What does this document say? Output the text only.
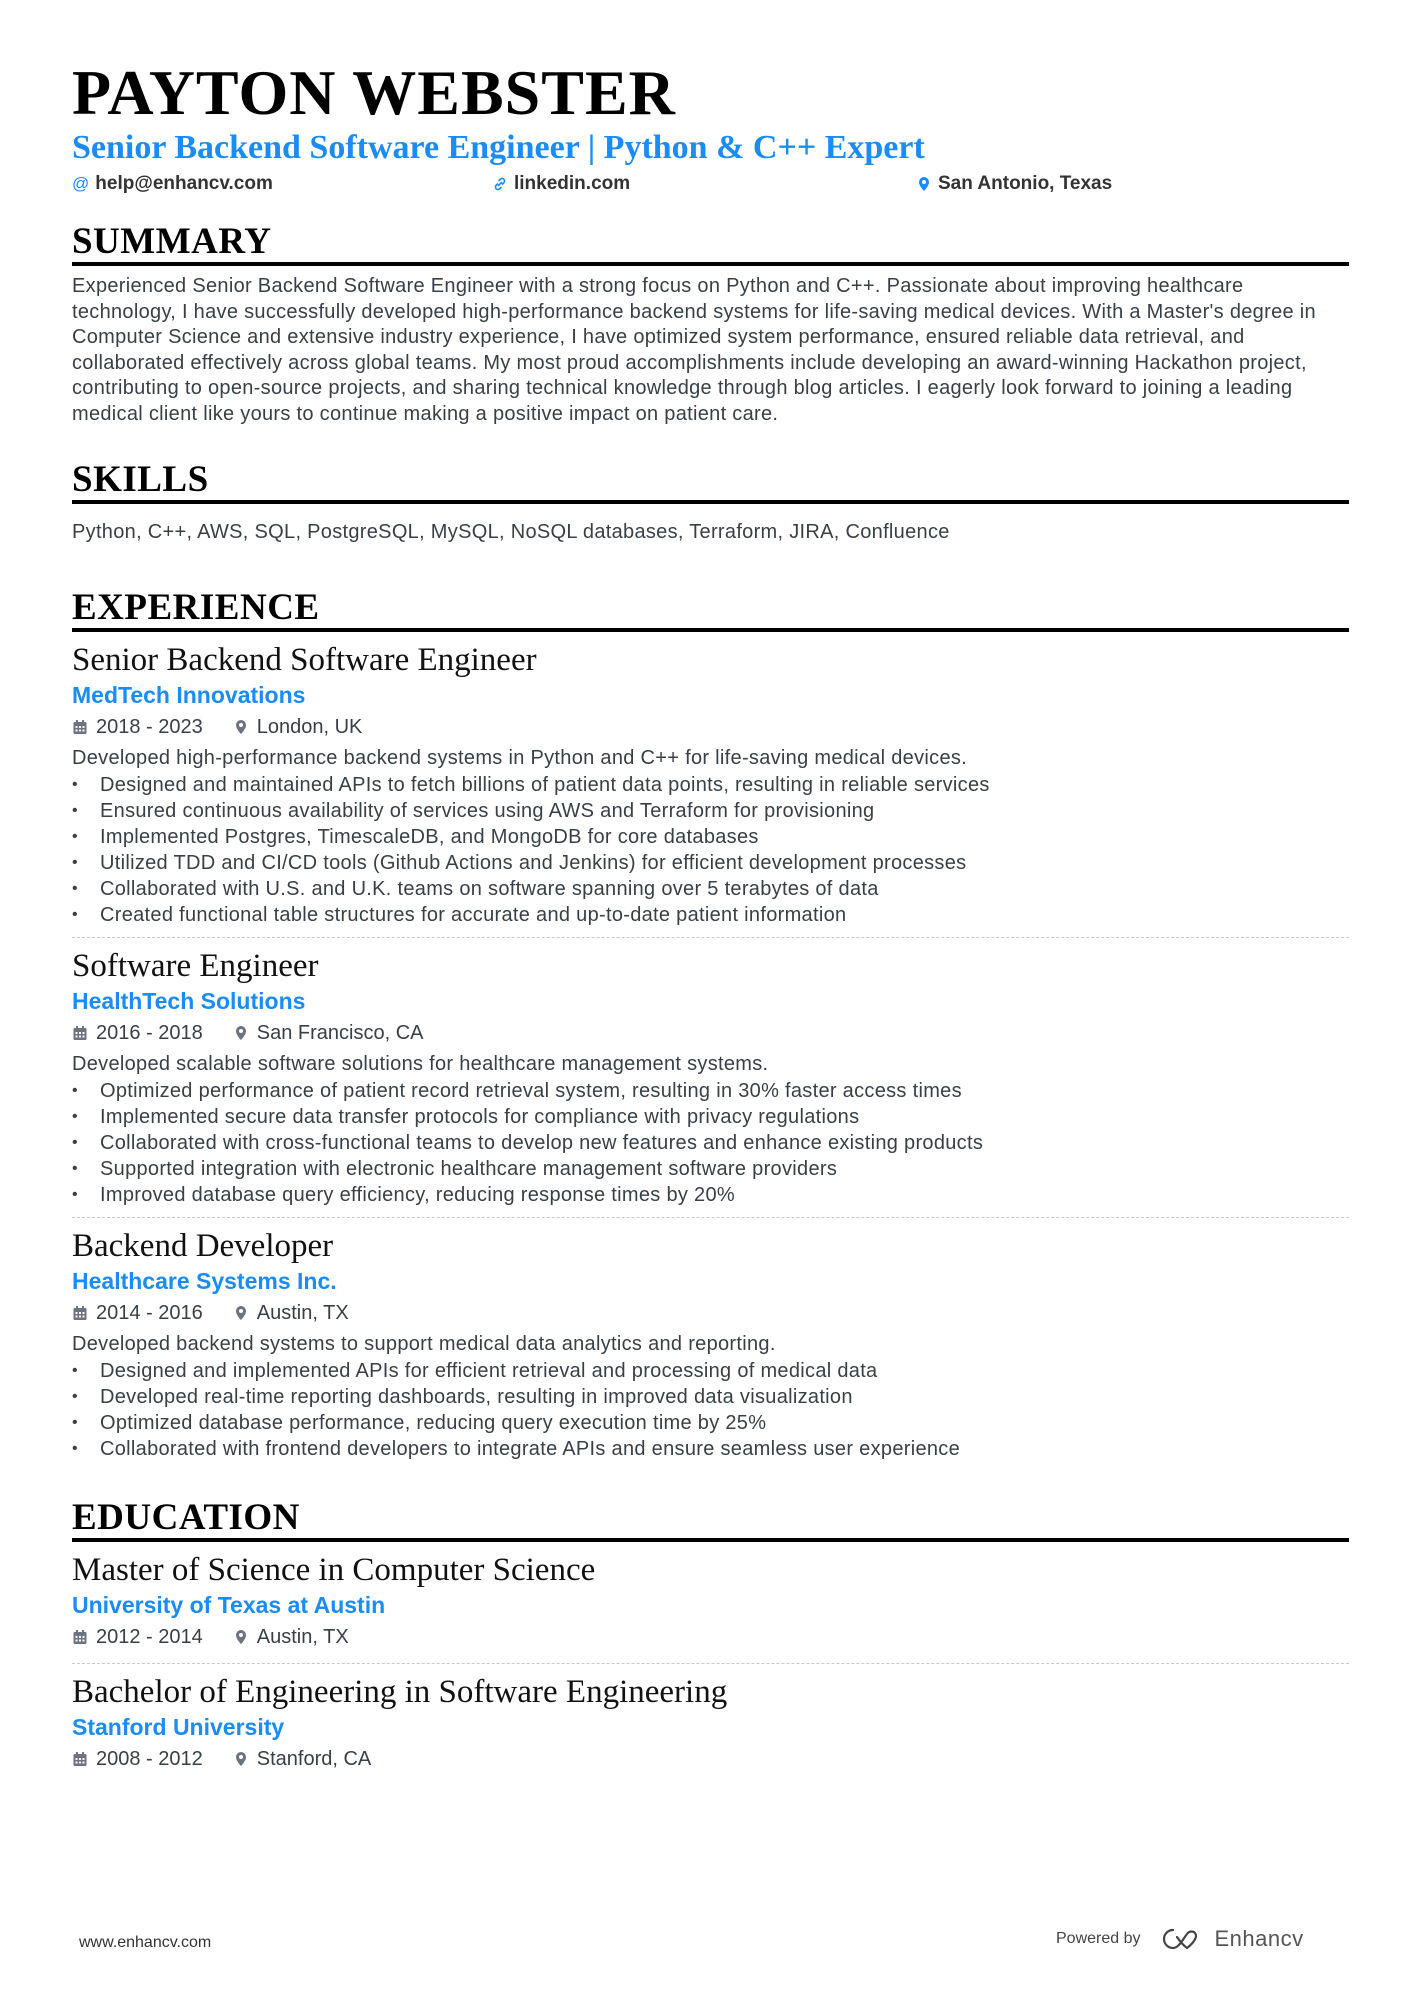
PAYTON WEBSTER
Senior Backend Software Engineer | Python & C++ Expert
@ help@enhancv.com	linkedin.com	San Antonio, Texas
SUMMARY
Experienced Senior Backend Software Engineer with a strong focus on Python and C++. Passionate about improving healthcare technology, I have successfully developed high-performance backend systems for life-saving medical devices. With a Master's degree in Computer Science and extensive industry experience, I have optimized system performance, ensured reliable data retrieval, and collaborated effectively across global teams. My most proud accomplishments include developing an award-winning Hackathon project, contributing to open-source projects, and sharing technical knowledge through blog articles. I eagerly look forward to joining a leading medical client like yours to continue making a positive impact on patient care.
SKILLS
Python, C++, AWS, SQL, PostgreSQL, MySQL, NoSQL databases, Terraform, JIRA, Confluence
EXPERIENCE
Senior Backend Software Engineer
MedTech Innovations
2018 - 2023	London, UK
Developed high-performance backend systems in Python and C++ for life-saving medical devices.
• Designed and maintained APIs to fetch billions of patient data points, resulting in reliable services
• Ensured continuous availability of services using AWS and Terraform for provisioning
• Implemented Postgres, TimescaleDB, and MongoDB for core databases
• Utilized TDD and CI/CD tools (Github Actions and Jenkins) for efficient development processes
• Collaborated with U.S. and U.K. teams on software spanning over 5 terabytes of data
• Created functional table structures for accurate and up-to-date patient information
Software Engineer
HealthTech Solutions
2016 - 2018	San Francisco, CA
Developed scalable software solutions for healthcare management systems.
• Optimized performance of patient record retrieval system, resulting in 30% faster access times
• Implemented secure data transfer protocols for compliance with privacy regulations
• Collaborated with cross-functional teams to develop new features and enhance existing products
• Supported integration with electronic healthcare management software providers
• Improved database query efficiency, reducing response times by 20%
Backend Developer
Healthcare Systems Inc.
2014 - 2016	Austin, TX
Developed backend systems to support medical data analytics and reporting.
• Designed and implemented APIs for efficient retrieval and processing of medical data
• Developed real-time reporting dashboards, resulting in improved data visualization
• Optimized database performance, reducing query execution time by 25%
• Collaborated with frontend developers to integrate APIs and ensure seamless user experience
EDUCATION
Master of Science in Computer Science
University of Texas at Austin
2012 - 2014	Austin, TX
Bachelor of Engineering in Software Engineering
Stanford University
2008 - 2012	Stanford, CA
www.enhancv.com	Powered by	Enhancv
